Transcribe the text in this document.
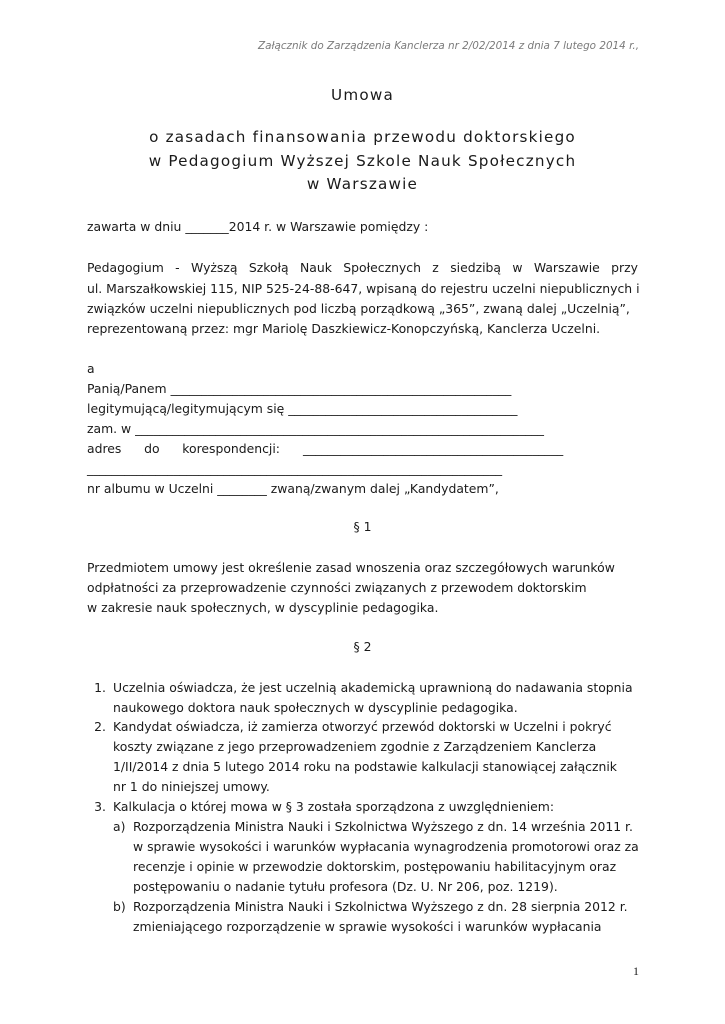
Załącznik do Zarządzenia Kanclerza nr 2/02/2014 z dnia 7 lutego 2014 r.,
Umowa
o zasadach finansowania przewodu doktorskiego
w Pedagogium Wyższej Szkole Nauk Społecznych
w Warszawie
zawarta w dniu _______2014 r. w Warszawie pomiędzy :
Pedagogium - Wyższą Szkołą Nauk Społecznych z siedzibą w Warszawie przy
ul. Marszałkowskiej 115, NIP 525-24-88-647, wpisaną do rejestru uczelni niepublicznych i
związków uczelni niepublicznych pod liczbą porządkową „365”, zwaną dalej „Uczelnią”,
reprezentowaną przez: mgr Mariolę Daszkiewicz-Konopczyńską, Kanclerza Uczelni.
a
Panią/Panem _______________________________________________________
legitymującą/legitymującym się _____________________________________
zam. w __________________________________________________________________
adres do korespondencji: __________________________________________
___________________________________________________________________
nr albumu w Uczelni ________ zwaną/zwanym dalej „Kandydatem”,
§ 1
Przedmiotem umowy jest określenie zasad wnoszenia oraz szczegółowych warunków
odpłatności za przeprowadzenie czynności związanych z przewodem doktorskim
w zakresie nauk społecznych, w dyscyplinie pedagogika.
§ 2
1. Uczelnia oświadcza, że jest uczelnią akademicką uprawnioną do nadawania stopnia
naukowego doktora nauk społecznych w dyscyplinie pedagogika.
2. Kandydat oświadcza, iż zamierza otworzyć przewód doktorski w Uczelni i pokryć
koszty związane z jego przeprowadzeniem zgodnie z Zarządzeniem Kanclerza
1/II/2014 z dnia 5 lutego 2014 roku na podstawie kalkulacji stanowiącej załącznik
nr 1 do niniejszej umowy.
3. Kalkulacja o której mowa w § 3 została sporządzona z uwzględnieniem:
a) Rozporządzenia Ministra Nauki i Szkolnictwa Wyższego z dn. 14 września 2011 r.
w sprawie wysokości i warunków wypłacania wynagrodzenia promotorowi oraz za
recenzje i opinie w przewodzie doktorskim, postępowaniu habilitacyjnym oraz
postępowaniu o nadanie tytułu profesora (Dz. U. Nr 206, poz. 1219).
b) Rozporządzenia Ministra Nauki i Szkolnictwa Wyższego z dn. 28 sierpnia 2012 r.
zmieniającego rozporządzenie w sprawie wysokości i warunków wypłacania
1
